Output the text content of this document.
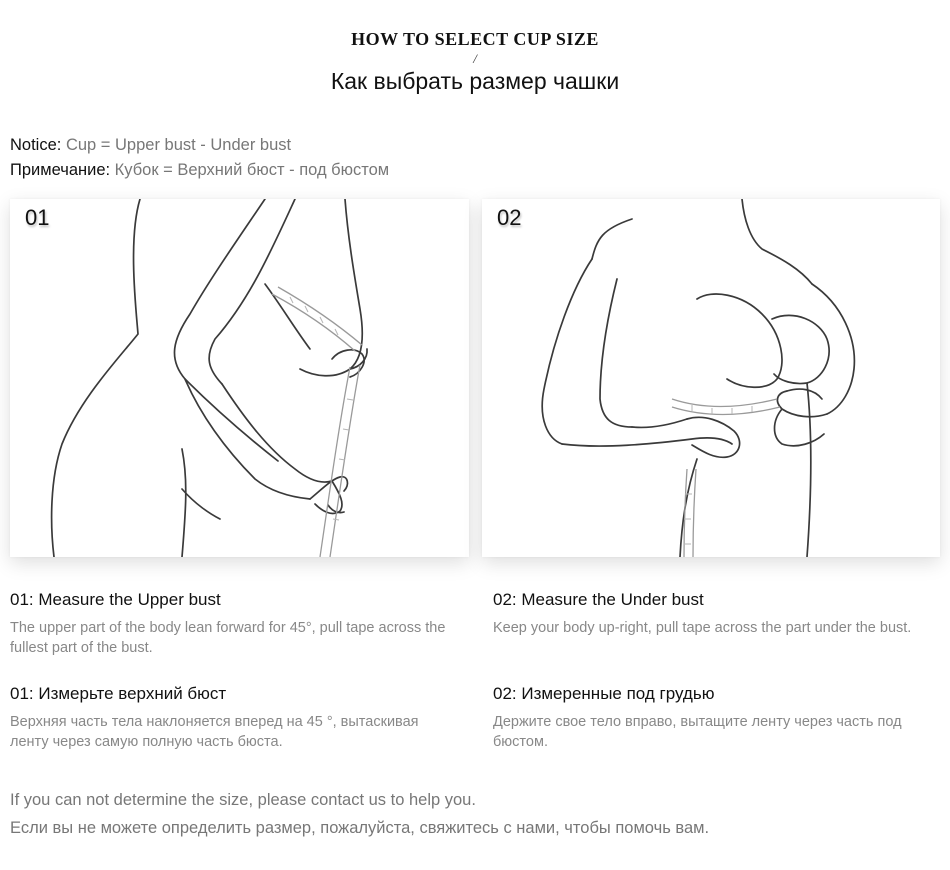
HOW TO SELECT CUP SIZE
/
Как выбрать размер чашки
Notice: Cup = Upper bust - Under bust
Примечание: Кубок = Верхний бюст - под бюстом
01	02
01: Measure the Upper bust
The upper part of the body lean forward for 45°, pull tape across the fullest part of the bust.
01: Измерьте верхний бюст
Верхняя часть тела наклоняется вперед на 45 °, вытаскивая ленту через самую полную часть бюста.
02: Measure the Under bust
Keep your body up-right, pull tape across the part under the bust.
02: Измеренные под грудью
Держите свое тело вправо, вытащите ленту через часть под бюстом.
If you can not determine the size, please contact us to help you.
Если вы не можете определить размер, пожалуйста, свяжитесь с нами, чтобы помочь вам.
